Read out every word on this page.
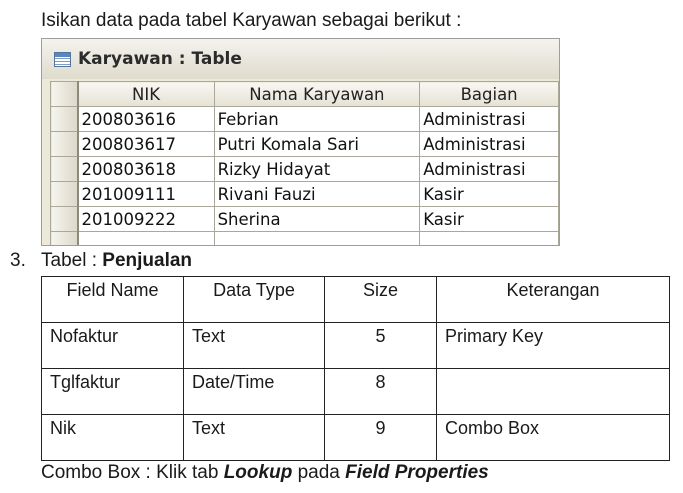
Isikan data pada tabel Karyawan sebagai berikut :
Karyawan : Table
	NIK	Nama Karyawan	Bagian
	200803616	Febrian	Administrasi
	200803617	Putri Komala Sari	Administrasi
	200803618	Rizky Hidayat	Administrasi
	201009111	Rivani Fauzi	Kasir
	201009222	Sherina	Kasir

3. Tabel : Penjualan
Field Name	Data Type	Size	Keterangan
Nofaktur	Text	5	Primary Key
Tglfaktur	Date/Time	8	
Nik	Text	9	Combo Box
Combo Box : Klik tab Lookup pada Field Properties
